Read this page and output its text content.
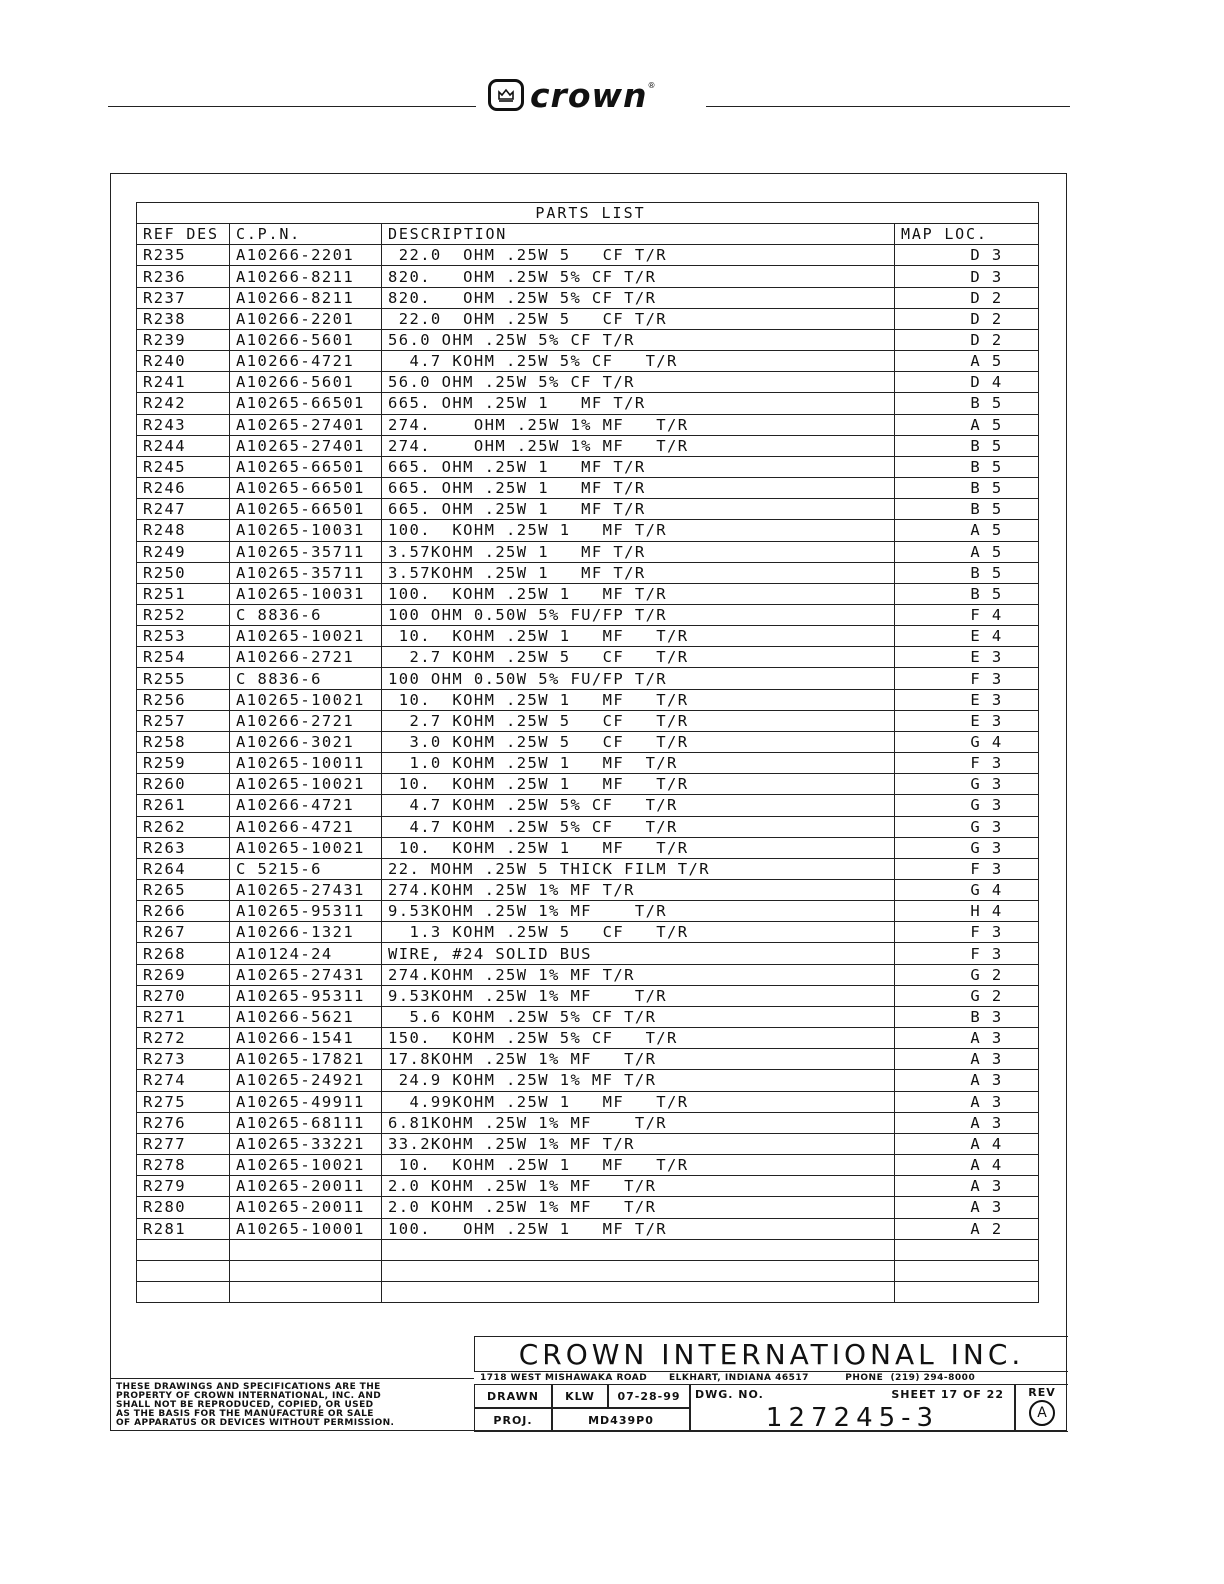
crown ®
PARTS LIST			
REF DES	C.P.N.	DESCRIPTION	MAP LOC.
R235	A10266-2201	22.0  OHM .25W 5   CF T/R	D 3
R236	A10266-8211	820.   OHM .25W 5% CF T/R	D 3
R237	A10266-8211	820.   OHM .25W 5% CF T/R	D 2
R238	A10266-2201	22.0  OHM .25W 5   CF T/R	D 2
R239	A10266-5601	56.0 OHM .25W 5% CF T/R	D 2
R240	A10266-4721	4.7 KOHM .25W 5% CF   T/R	A 5
R241	A10266-5601	56.0 OHM .25W 5% CF T/R	D 4
R242	A10265-66501	665. OHM .25W 1   MF T/R	B 5
R243	A10265-27401	274.    OHM .25W 1% MF   T/R	A 5
R244	A10265-27401	274.    OHM .25W 1% MF   T/R	B 5
R245	A10265-66501	665. OHM .25W 1   MF T/R	B 5
R246	A10265-66501	665. OHM .25W 1   MF T/R	B 5
R247	A10265-66501	665. OHM .25W 1   MF T/R	B 5
R248	A10265-10031	100.  KOHM .25W 1   MF T/R	A 5
R249	A10265-35711	3.57KOHM .25W 1   MF T/R	A 5
R250	A10265-35711	3.57KOHM .25W 1   MF T/R	B 5
R251	A10265-10031	100.  KOHM .25W 1   MF T/R	B 5
R252	C 8836-6	100 OHM 0.50W 5% FU/FP T/R	F 4
R253	A10265-10021	10.  KOHM .25W 1   MF   T/R	E 4
R254	A10266-2721	2.7 KOHM .25W 5   CF   T/R	E 3
R255	C 8836-6	100 OHM 0.50W 5% FU/FP T/R	F 3
R256	A10265-10021	10.  KOHM .25W 1   MF   T/R	E 3
R257	A10266-2721	2.7 KOHM .25W 5   CF   T/R	E 3
R258	A10266-3021	3.0 KOHM .25W 5   CF   T/R	G 4
R259	A10265-10011	1.0 KOHM .25W 1   MF  T/R	F 3
R260	A10265-10021	10.  KOHM .25W 1   MF   T/R	G 3
R261	A10266-4721	4.7 KOHM .25W 5% CF   T/R	G 3
R262	A10266-4721	4.7 KOHM .25W 5% CF   T/R	G 3
R263	A10265-10021	10.  KOHM .25W 1   MF   T/R	G 3
R264	C 5215-6	22. MOHM .25W 5 THICK FILM T/R	F 3
R265	A10265-27431	274.KOHM .25W 1% MF T/R	G 4
R266	A10265-95311	9.53KOHM .25W 1% MF    T/R	H 4
R267	A10266-1321	1.3 KOHM .25W 5   CF   T/R	F 3
R268	A10124-24	WIRE, #24 SOLID BUS	F 3
R269	A10265-27431	274.KOHM .25W 1% MF T/R	G 2
R270	A10265-95311	9.53KOHM .25W 1% MF    T/R	G 2
R271	A10266-5621	5.6 KOHM .25W 5% CF T/R	B 3
R272	A10266-1541	150.  KOHM .25W 5% CF   T/R	A 3
R273	A10265-17821	17.8KOHM .25W 1% MF   T/R	A 3
R274	A10265-24921	24.9 KOHM .25W 1% MF T/R	A 3
R275	A10265-49911	4.99KOHM .25W 1   MF   T/R	A 3
R276	A10265-68111	6.81KOHM .25W 1% MF    T/R	A 3
R277	A10265-33221	33.2KOHM .25W 1% MF T/R	A 4
R278	A10265-10021	10.  KOHM .25W 1   MF   T/R	A 4
R279	A10265-20011	2.0 KOHM .25W 1% MF   T/R	A 3
R280	A10265-20011	2.0 KOHM .25W 1% MF   T/R	A 3
R281	A10265-10001	100.   OHM .25W 1   MF T/R	A 2

CROWN INTERNATIONAL INC.
1718 WEST MISHAWAKA ROAD      ELKHART, INDIANA 46517          PHONE  (219) 294-8000
DRAWN	KLW	07-28-99
PROJ.	MD439P0
DWG. NO.	SHEET 17 OF 22
127245-3
REV
A
THESE DRAWINGS AND SPECIFICATIONS ARE THE
PROPERTY OF CROWN INTERNATIONAL, INC. AND
SHALL NOT BE REPRODUCED, COPIED, OR USED
AS THE BASIS FOR THE MANUFACTURE OR SALE
OF APPARATUS OR DEVICES WITHOUT PERMISSION.
